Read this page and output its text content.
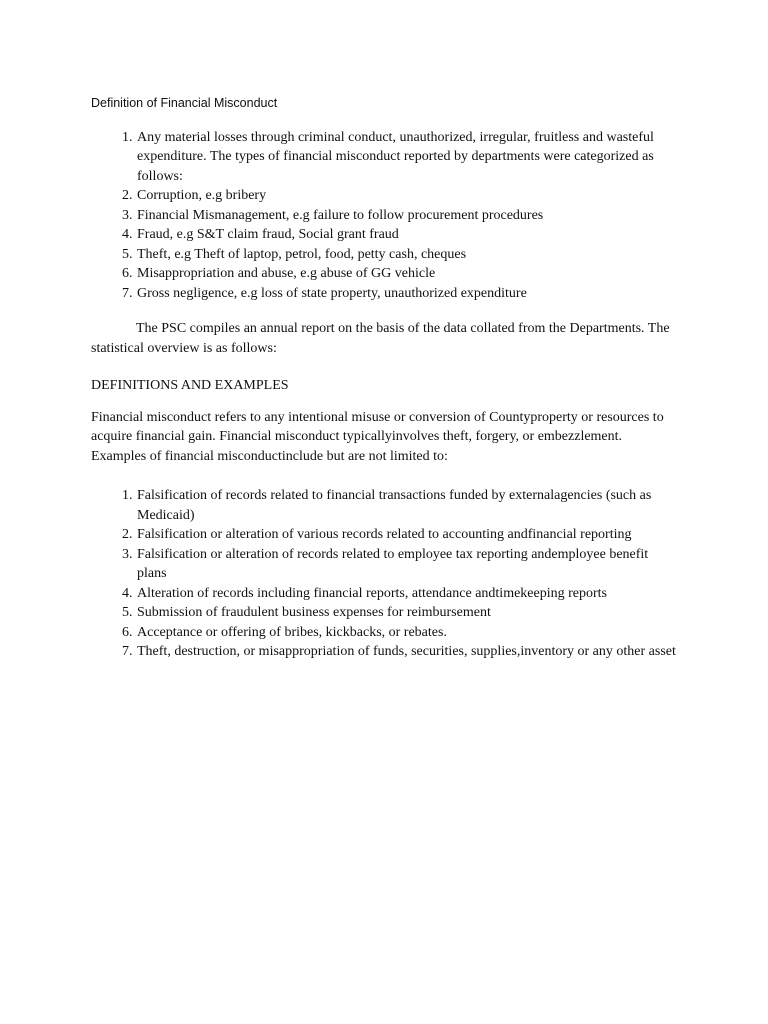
Definition of Financial Misconduct
1. Any material losses through criminal conduct, unauthorized, irregular, fruitless and wasteful expenditure. The types of financial misconduct reported by departments were categorized as follows:
2. Corruption, e.g bribery
3. Financial Mismanagement, e.g failure to follow procurement procedures
4. Fraud, e.g S&T claim fraud, Social grant fraud
5. Theft, e.g Theft of laptop, petrol, food, petty cash, cheques
6. Misappropriation and abuse, e.g abuse of GG vehicle
7. Gross negligence, e.g loss of state property, unauthorized expenditure

The PSC compiles an annual report on the basis of the data collated from the Departments. The statistical overview is as follows:

DEFINITIONS AND EXAMPLES

Financial misconduct refers to any intentional misuse or conversion of Countyproperty or resources to acquire financial gain. Financial misconduct typicallyinvolves theft, forgery, or embezzlement. Examples of financial misconductinclude but are not limited to:

1. Falsification of records related to financial transactions funded by externalagencies (such as Medicaid)
2. Falsification or alteration of various records related to accounting andfinancial reporting
3. Falsification or alteration of records related to employee tax reporting andemployee benefit plans
4. Alteration of records including financial reports, attendance andtimekeeping reports
5. Submission of fraudulent business expenses for reimbursement
6. Acceptance or offering of bribes, kickbacks, or rebates.
7. Theft, destruction, or misappropriation of funds, securities, supplies,inventory or any other asset
